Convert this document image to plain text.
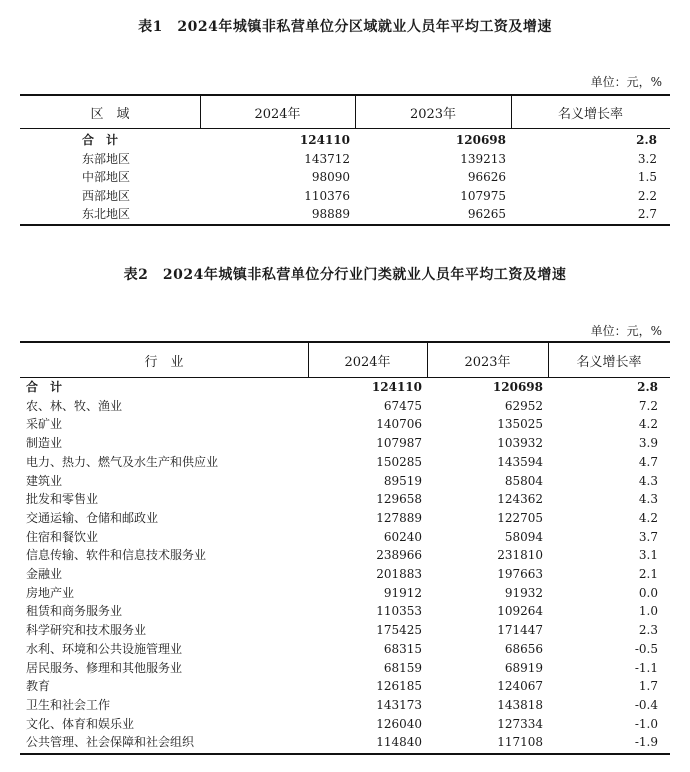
表1　2024年城镇非私营单位分区域就业人员年平均工资及增速
单位：元，%
区　域	2024年	2023年	名义增长率
合　计	124110	120698	2.8
东部地区	143712	139213	3.2
中部地区	98090	96626	1.5
西部地区	110376	107975	2.2
东北地区	98889	96265	2.7
表2　2024年城镇非私营单位分行业门类就业人员年平均工资及增速
单位：元，%
行　业	2024年	2023年	名义增长率
合　计	124110	120698	2.8
农、林、牧、渔业	67475	62952	7.2
采矿业	140706	135025	4.2
制造业	107987	103932	3.9
电力、热力、燃气及水生产和供应业	150285	143594	4.7
建筑业	89519	85804	4.3
批发和零售业	129658	124362	4.3
交通运输、仓储和邮政业	127889	122705	4.2
住宿和餐饮业	60240	58094	3.7
信息传输、软件和信息技术服务业	238966	231810	3.1
金融业	201883	197663	2.1
房地产业	91912	91932	0.0
租赁和商务服务业	110353	109264	1.0
科学研究和技术服务业	175425	171447	2.3
水利、环境和公共设施管理业	68315	68656	-0.5
居民服务、修理和其他服务业	68159	68919	-1.1
教育	126185	124067	1.7
卫生和社会工作	143173	143818	-0.4
文化、体育和娱乐业	126040	127334	-1.0
公共管理、社会保障和社会组织	114840	117108	-1.9
